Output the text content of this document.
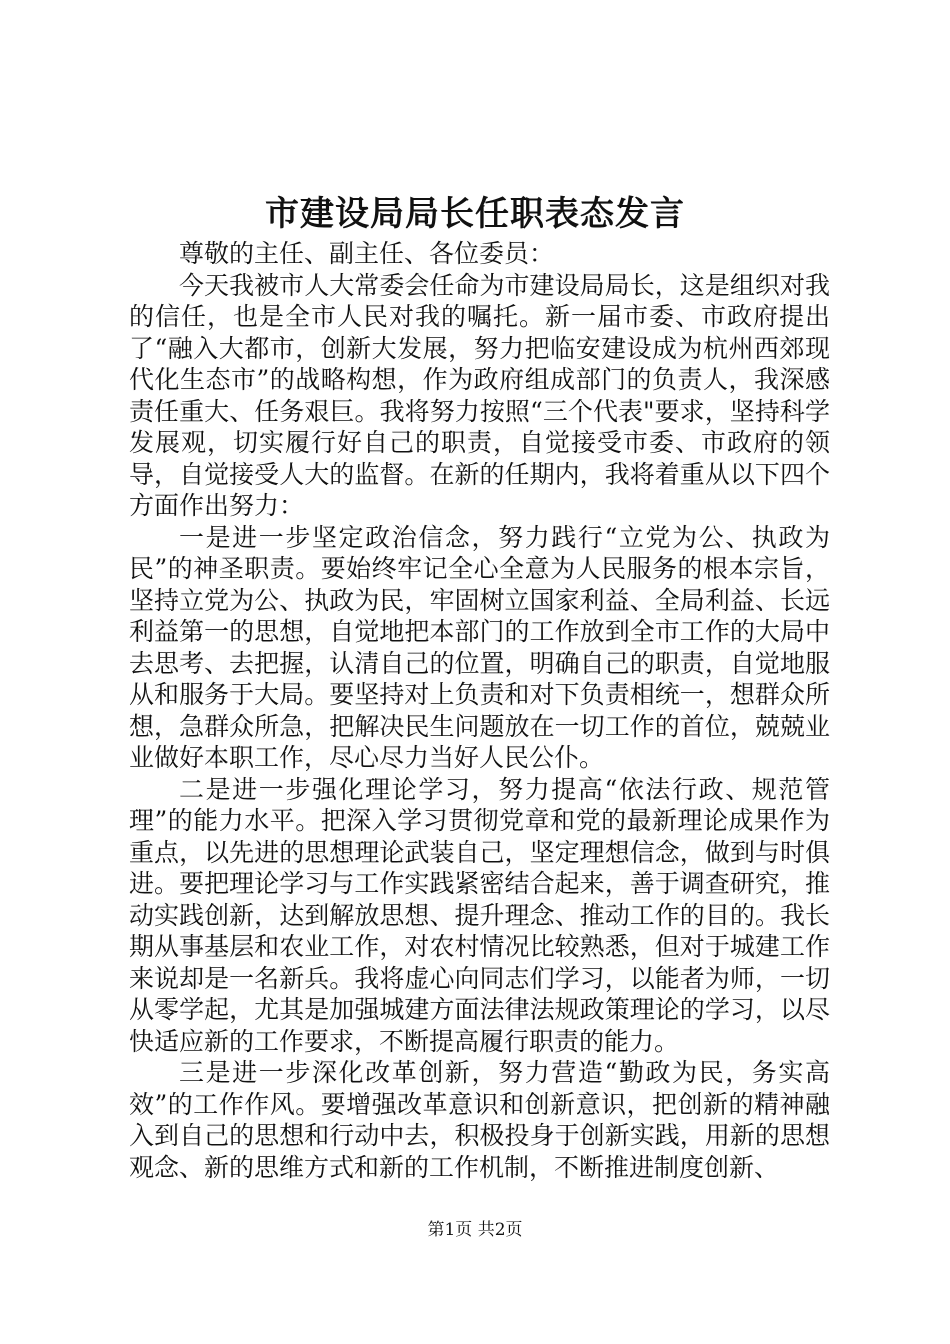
市建设局局长任职表态发言

尊敬的主任、副主任、各位委员：

今天我被市人大常委会任命为市建设局局长，这是组织对我的信任，也是全市人民对我的嘱托。新一届市委、市政府提出了“融入大都市，创新大发展，努力把临安建设成为杭州西郊现代化生态市”的战略构想，作为政府组成部门的负责人，我深感责任重大、任务艰巨。我将努力按照“三个代表"要求，坚持科学发展观，切实履行好自己的职责，自觉接受市委、市政府的领导，自觉接受人大的监督。在新的任期内，我将着重从以下四个方面作出努力：

一是进一步坚定政治信念，努力践行“立党为公、执政为民”的神圣职责。要始终牢记全心全意为人民服务的根本宗旨，坚持立党为公、执政为民，牢固树立国家利益、全局利益、长远利益第一的思想，自觉地把本部门的工作放到全市工作的大局中去思考、去把握，认清自己的位置，明确自己的职责，自觉地服从和服务于大局。要坚持对上负责和对下负责相统一，想群众所想，急群众所急，把解决民生问题放在一切工作的首位，兢兢业业做好本职工作，尽心尽力当好人民公仆。

二是进一步强化理论学习，努力提高“依法行政、规范管理”的能力水平。把深入学习贯彻党章和党的最新理论成果作为重点，以先进的思想理论武装自己，坚定理想信念，做到与时俱进。要把理论学习与工作实践紧密结合起来，善于调查研究，推动实践创新，达到解放思想、提升理念、推动工作的目的。我长期从事基层和农业工作，对农村情况比较熟悉，但对于城建工作来说却是一名新兵。我将虚心向同志们学习，以能者为师，一切从零学起，尤其是加强城建方面法律法规政策理论的学习，以尽快适应新的工作要求，不断提高履行职责的能力。

三是进一步深化改革创新，努力营造“勤政为民，务实高效”的工作作风。要增强改革意识和创新意识，把创新的精神融入到自己的思想和行动中去，积极投身于创新实践，用新的思想观念、新的思维方式和新的工作机制，不断推进制度创新、

第1页 共2页
